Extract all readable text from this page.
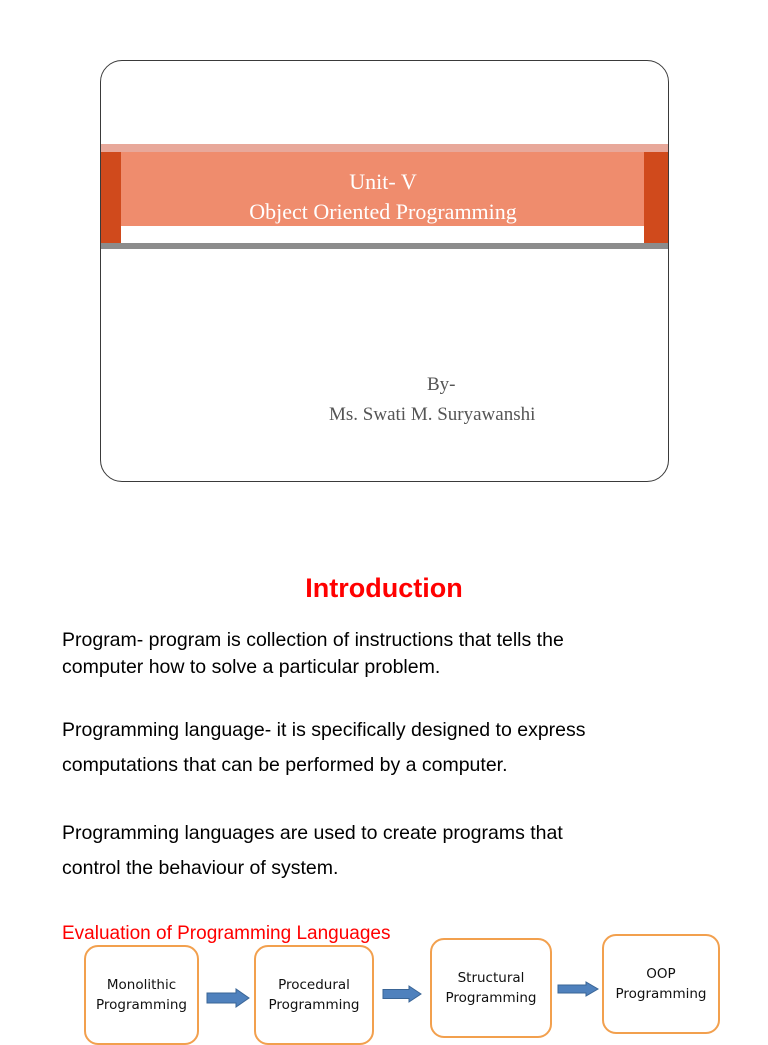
Unit- V
Object Oriented Programming
By-
Ms. Swati M. Suryawanshi
Introduction
Program- program is collection of instructions that tells the
computer how to solve a particular problem.
Programming language- it is specifically designed to express
computations that can be performed by a computer.
Programming languages are used to create programs that
control the behaviour of system.
Evaluation of Programming Languages
Monolithic
Programming
Procedural
Programming
Structural
Programming
OOP
Programming
